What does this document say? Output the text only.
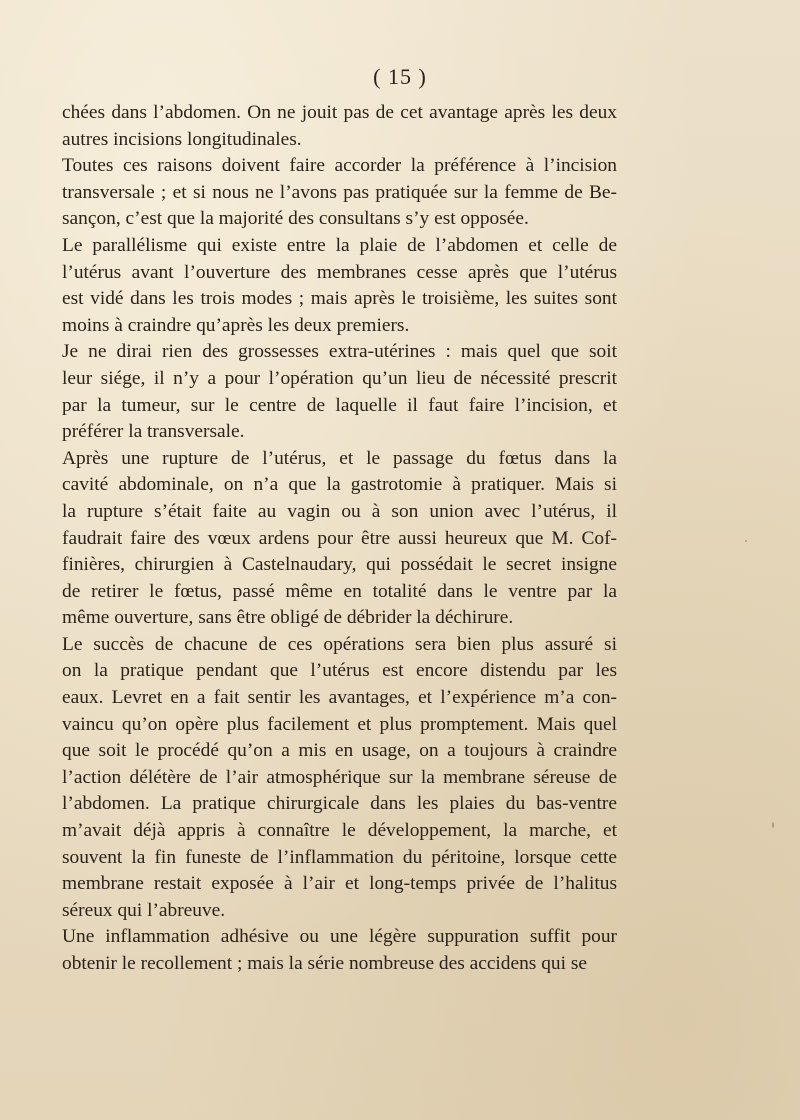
( 15 )
chées dans l’abdomen. On ne jouit pas de cet avantage après les deux
autres incisions longitudinales.
Toutes ces raisons doivent faire accorder la préférence à l’incision
transversale ; et si nous ne l’avons pas pratiquée sur la femme de Be-
sançon, c’est que la majorité des consultans s’y est opposée.
Le parallélisme qui existe entre la plaie de l’abdomen et celle de
l’utérus avant l’ouverture des membranes cesse après que l’utérus
est vidé dans les trois modes ; mais après le troisième, les suites sont
moins à craindre qu’après les deux premiers.
Je ne dirai rien des grossesses extra-utérines : mais quel que soit
leur siége, il n’y a pour l’opération qu’un lieu de nécessité prescrit
par la tumeur, sur le centre de laquelle il faut faire l’incision, et
préférer la transversale.
Après une rupture de l’utérus, et le passage du fœtus dans la
cavité abdominale, on n’a que la gastrotomie à pratiquer. Mais si
la rupture s’était faite au vagin ou à son union avec l’utérus, il
faudrait faire des vœux ardens pour être aussi heureux que M. Cof-
finières, chirurgien à Castelnaudary, qui possédait le secret insigne
de retirer le fœtus, passé même en totalité dans le ventre par la
même ouverture, sans être obligé de débrider la déchirure.
Le succès de chacune de ces opérations sera bien plus assuré si
on la pratique pendant que l’utérus est encore distendu par les
eaux. Levret en a fait sentir les avantages, et l’expérience m’a con-
vaincu qu’on opère plus facilement et plus promptement. Mais quel
que soit le procédé qu’on a mis en usage, on a toujours à craindre
l’action délétère de l’air atmosphérique sur la membrane séreuse de
l’abdomen. La pratique chirurgicale dans les plaies du bas-ventre
m’avait déjà appris à connaître le développement, la marche, et
souvent la fin funeste de l’inflammation du péritoine, lorsque cette
membrane restait exposée à l’air et long-temps privée de l’halitus
séreux qui l’abreuve.
Une inflammation adhésive ou une légère suppuration suffit pour
obtenir le recollement ; mais la série nombreuse des accidens qui se
